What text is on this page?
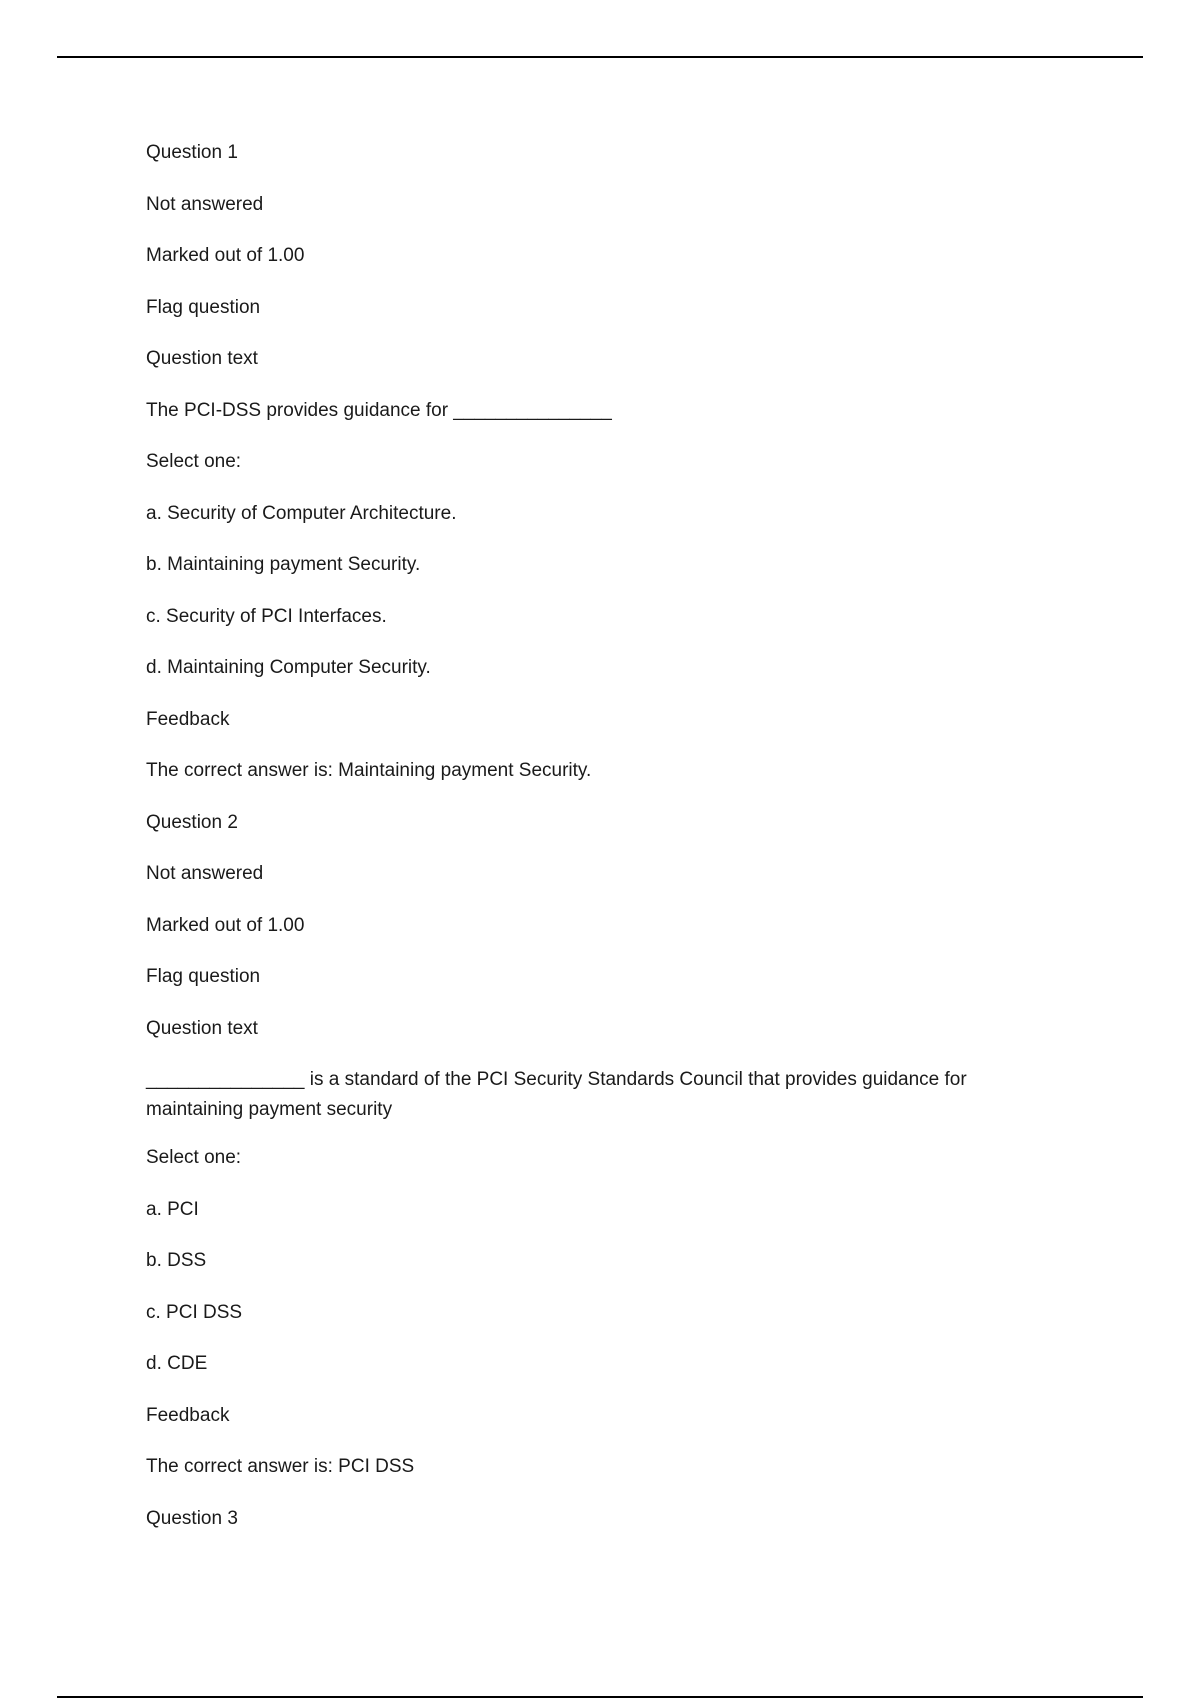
Question 1
Not answered
Marked out of 1.00
Flag question
Question text
The PCI-DSS provides guidance for _______________
Select one:
a. Security of Computer Architecture.
b. Maintaining payment Security.
c. Security of PCI Interfaces.
d. Maintaining Computer Security.
Feedback
The correct answer is: Maintaining payment Security.
Question 2
Not answered
Marked out of 1.00
Flag question
Question text
_______________ is a standard of the PCI Security Standards Council that provides guidance for maintaining payment security
Select one:
a. PCI
b. DSS
c. PCI DSS
d. CDE
Feedback
The correct answer is: PCI DSS
Question 3
